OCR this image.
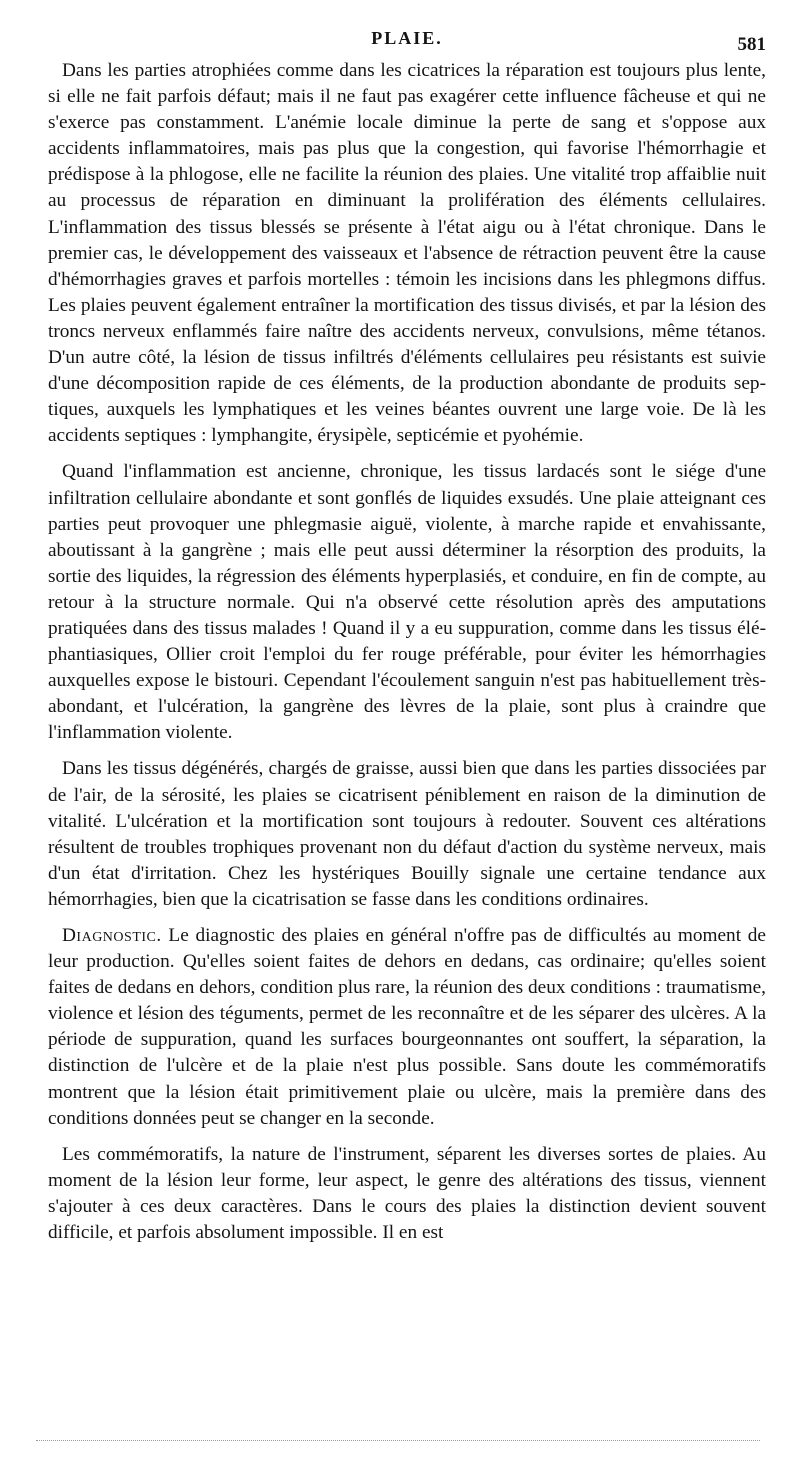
PLAIE.	581

Dans les parties atrophiées comme dans les cicatrices la réparation est toujours plus lente, si elle ne fait parfois défaut; mais il ne faut pas exagérer cette influence fâcheuse et qui ne s'exerce pas constamment. L'anémie locale diminue la perte de sang et s'oppose aux accidents inflammatoires, mais pas plus que la congestion, qui favorise l'hémorrhagie et prédispose à la phlogose, elle ne facilite la réunion des plaies. Une vitalité trop affaiblie nuit au processus de réparation en diminuant la prolifération des éléments cellulaires. L'inflammation des tissus blessés se présente à l'état aigu ou à l'état chronique. Dans le premier cas, le développement des vaisseaux et l'absence de rétraction peuvent être la cause d'hémorrhagies graves et parfois mortelles : témoin les incisions dans les phlegmons diffus. Les plaies peuvent également entraîner la mortification des tissus divisés, et par la lésion des troncs nerveux enflammés faire naître des accidents nerveux, convulsions, même tétanos. D'un autre côté, la lésion de tissus infiltrés d'éléments cellulaires peu résistants est suivie d'une décomposition rapide de ces éléments, de la production abondante de produits septiques, auxquels les lymphatiques et les veines béantes ouvrent une large voie. De là les accidents septiques : lymphangite, érysipèle, septicémie et pyohémie.

Quand l'inflammation est ancienne, chronique, les tissus lardacés sont le siége d'une infiltration cellulaire abondante et sont gonflés de liquides exsudés. Une plaie atteignant ces parties peut provoquer une phlegmasie aiguë, violente, à marche rapide et envahissante, aboutissant à la gangrène ; mais elle peut aussi déterminer la résorption des produits, la sortie des liquides, la régression des éléments hyperplasiés, et conduire, en fin de compte, au retour à la structure normale. Qui n'a observé cette résolution après des amputations pratiquées dans des tissus malades ! Quand il y a eu suppuration, comme dans les tissus éléphantiasiques, Ollier croit l'emploi du fer rouge préférable, pour éviter les hémorrhagies auxquelles expose le bistouri. Cependant l'écoulement sanguin n'est pas habituellement très-abondant, et l'ulcération, la gangrène des lèvres de la plaie, sont plus à craindre que l'inflammation violente.

Dans les tissus dégénérés, chargés de graisse, aussi bien que dans les parties dissociées par de l'air, de la sérosité, les plaies se cicatrisent péniblement en raison de la diminution de vitalité. L'ulcération et la mortification sont toujours à redouter. Souvent ces altérations résultent de troubles trophiques provenant non du défaut d'action du système nerveux, mais d'un état d'irritation. Chez les hystériques Bouilly signale une certaine tendance aux hémorrhagies, bien que la cicatrisation se fasse dans les conditions ordinaires.

Diagnostic. Le diagnostic des plaies en général n'offre pas de difficultés au moment de leur production. Qu'elles soient faites de dehors en dedans, cas ordinaire; qu'elles soient faites de dedans en dehors, condition plus rare, la réunion des deux conditions : traumatisme, violence et lésion des téguments, permet de les reconnaître et de les séparer des ulcères. A la période de suppuration, quand les surfaces bourgeonnantes ont souffert, la séparation, la distinction de l'ulcère et de la plaie n'est plus possible. Sans doute les commémoratifs montrent que la lésion était primitivement plaie ou ulcère, mais la première dans des conditions données peut se changer en la seconde.

Les commémoratifs, la nature de l'instrument, séparent les diverses sortes de plaies. Au moment de la lésion leur forme, leur aspect, le genre des altérations des tissus, viennent s'ajouter à ces deux caractères. Dans le cours des plaies la distinction devient souvent difficile, et parfois absolument impossible. Il en est
